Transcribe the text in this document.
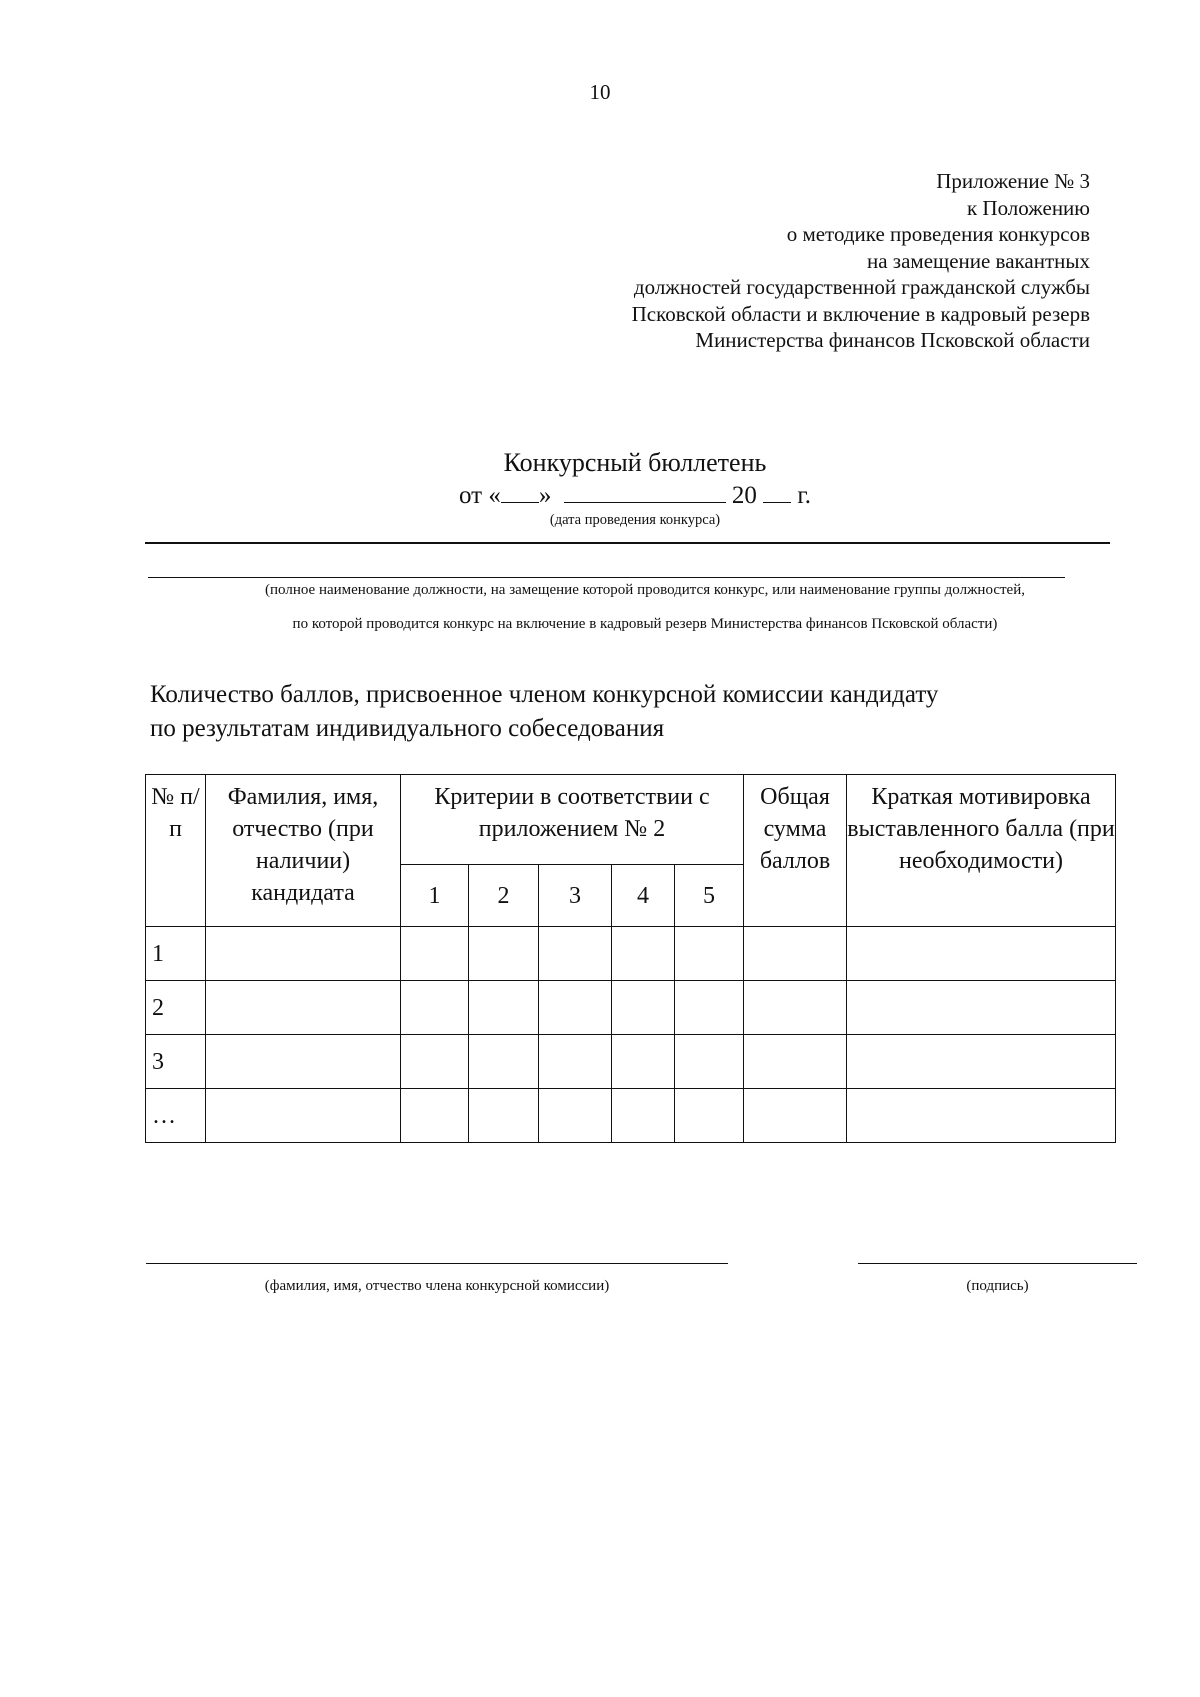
10
Приложение № 3
к Положению
о методике проведения конкурсов
на замещение вакантных
должностей государственной гражданской службы
Псковской области и включение в кадровый резерв
Министерства финансов Псковской области
Конкурсный бюллетень
от « »	20 г.
(дата проведения конкурса)
(полное наименование должности, на замещение которой проводится конкурс, или наименование группы должностей,
по которой проводится конкурс на включение в кадровый резерв Министерства финансов Псковской области)
Количество баллов, присвоенное членом конкурсной комиссии кандидату
по результатам индивидуального собеседования
№ п/п	Фамилия, имя, отчество (при наличии) кандидата	Критерии в соответствии с приложением № 2					Общая сумма баллов	Краткая мотивировка выставленного балла (при необходимости)
		1	2	3	4	5		
1								
2								
3								
…								
(фамилия, имя, отчество члена конкурсной комиссии)	(подпись)
